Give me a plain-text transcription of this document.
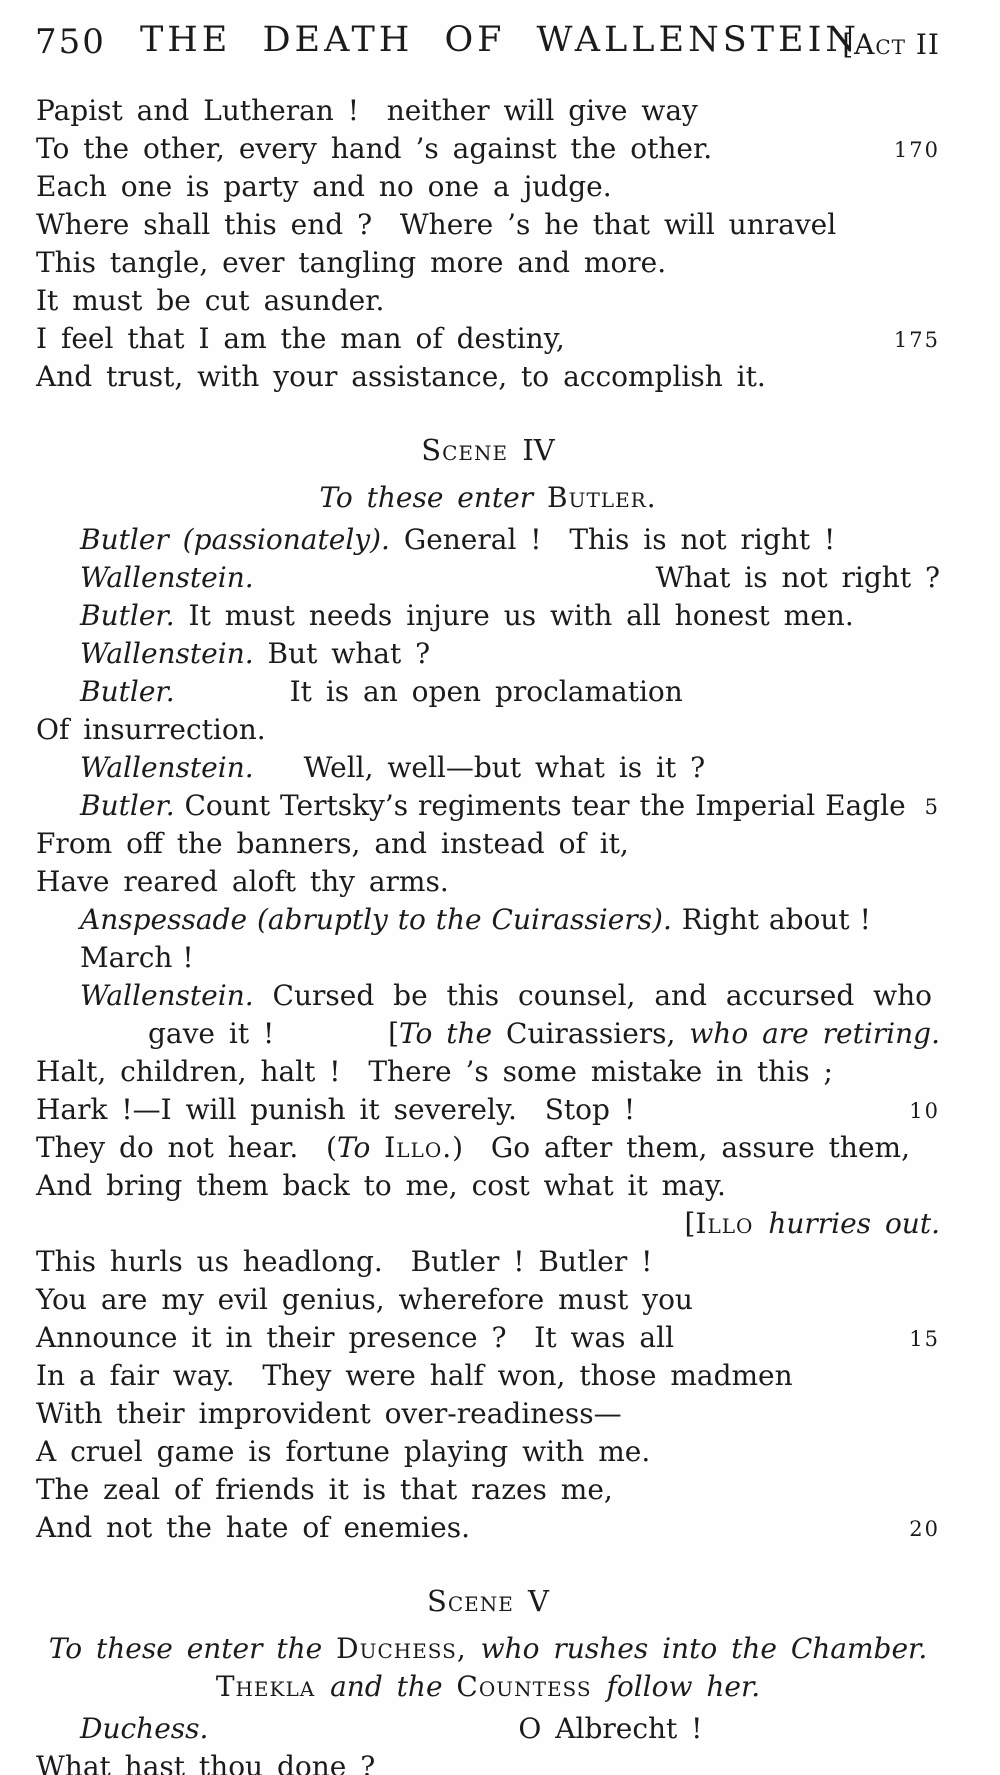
750 THE DEATH OF WALLENSTEIN
[Act II
Papist and Lutheran !  neither will give way
To the other, every hand ’s against the other.	170
Each one is party and no one a judge.
Where shall this end ?  Where ’s he that will unravel
This tangle, ever tangling more and more.
It must be cut asunder.
I feel that I am the man of destiny,	175
And trust, with your assistance, to accomplish it.
Scene IV
To these enter Butler.
Butler (passionately). General !  This is not right !
Wallenstein.	What is not right ?
Butler. It must needs injure us with all honest men.
Wallenstein. But what ?
Butler.	It is an open proclamation
Of insurrection.
Wallenstein. Well, well—but what is it ?
Butler. Count Tertsky’s regiments tear the Imperial Eagle 5
From off the banners, and instead of it,
Have reared aloft thy arms.
Anspessade (abruptly to the Cuirassiers). Right about ! March !
Wallenstein. Cursed be this counsel, and accursed who
gave it !	[To the Cuirassiers, who are retiring.
Halt, children, halt !  There ’s some mistake in this ;
Hark !—I will punish it severely.  Stop !	10
They do not hear.  (To Illo.)  Go after them, assure them,
And bring them back to me, cost what it may.
[Illo hurries out.
This hurls us headlong.  Butler ! Butler !
You are my evil genius, wherefore must you
Announce it in their presence ?  It was all	15
In a fair way.  They were half won, those madmen
With their improvident over-readiness—
A cruel game is fortune playing with me.
The zeal of friends it is that razes me,
And not the hate of enemies.	20
Scene V
To these enter the Duchess, who rushes into the Chamber.
Thekla and the Countess follow her.
Duchess.	O Albrecht !
What hast thou done ?
